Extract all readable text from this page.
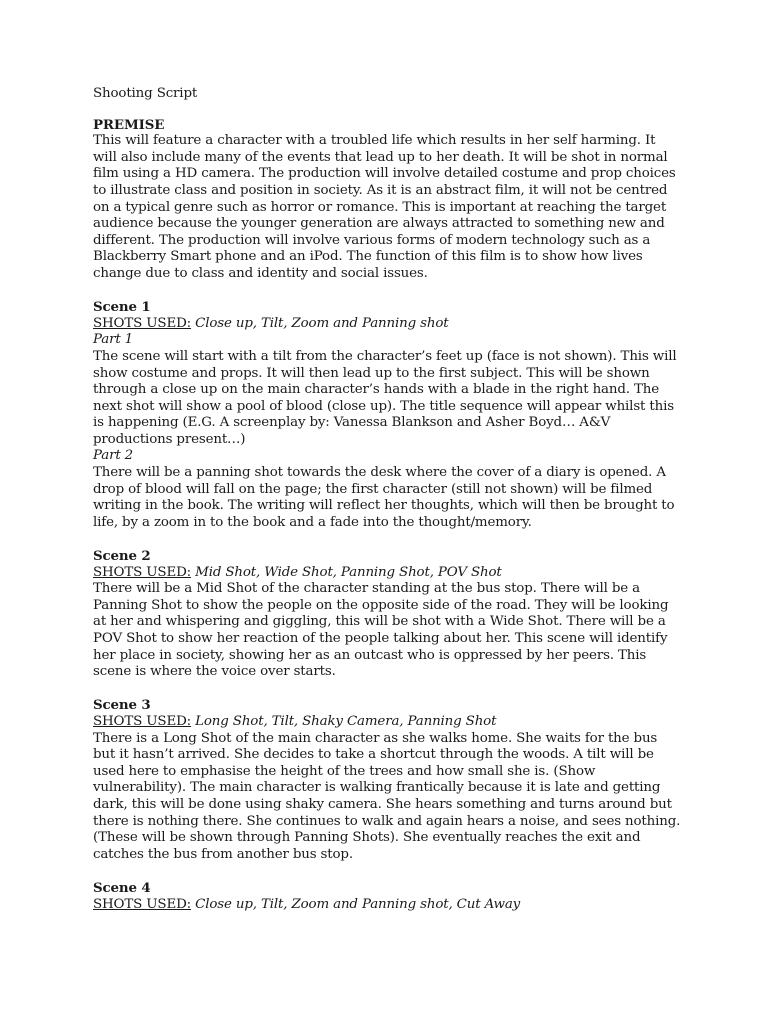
Shooting Script

PREMISE

This will feature a character with a troubled life which results in her self harming. It will also include many of the events that lead up to her death. It will be shot in normal film using a HD camera. The production will involve detailed costume and prop choices to illustrate class and position in society. As it is an abstract film, it will not be centred on a typical genre such as horror or romance. This is important at reaching the target audience because the younger generation are always attracted to something new and different. The production will involve various forms of modern technology such as a Blackberry Smart phone and an iPod. The function of this film is to show how lives change due to class and identity and social issues.

Scene 1

SHOTS USED: Close up, Tilt, Zoom and Panning shot

Part 1

The scene will start with a tilt from the character’s feet up (face is not shown). This will show costume and props. It will then lead up to the first subject. This will be shown through a close up on the main character’s hands with a blade in the right hand. The next shot will show a pool of blood (close up). The title sequence will appear whilst this is happening (E.G. A screenplay by: Vanessa Blankson and Asher Boyd… A&V productions present…)

Part 2

There will be a panning shot towards the desk where the cover of a diary is opened. A drop of blood will fall on the page; the first character (still not shown) will be filmed writing in the book. The writing will reflect her thoughts, which will then be brought to life, by a zoom in to the book and a fade into the thought/memory.

Scene 2

SHOTS USED: Mid Shot, Wide Shot, Panning Shot, POV Shot

There will be a Mid Shot of the character standing at the bus stop. There will be a Panning Shot to show the people on the opposite side of the road. They will be looking at her and whispering and giggling, this will be shot with a Wide Shot. There will be a POV Shot to show her reaction of the people talking about her. This scene will identify her place in society, showing her as an outcast who is oppressed by her peers. This scene is where the voice over starts.

Scene 3

SHOTS USED: Long Shot, Tilt, Shaky Camera, Panning Shot

There is a Long Shot of the main character as she walks home. She waits for the bus but it hasn’t arrived. She decides to take a shortcut through the woods. A tilt will be used here to emphasise the height of the trees and how small she is. (Show vulnerability). The main character is walking frantically because it is late and getting dark, this will be done using shaky camera. She hears something and turns around but there is nothing there. She continues to walk and again hears a noise, and sees nothing. (These will be shown through Panning Shots). She eventually reaches the exit and catches the bus from another bus stop.

Scene 4

SHOTS USED: Close up, Tilt, Zoom and Panning shot, Cut Away
